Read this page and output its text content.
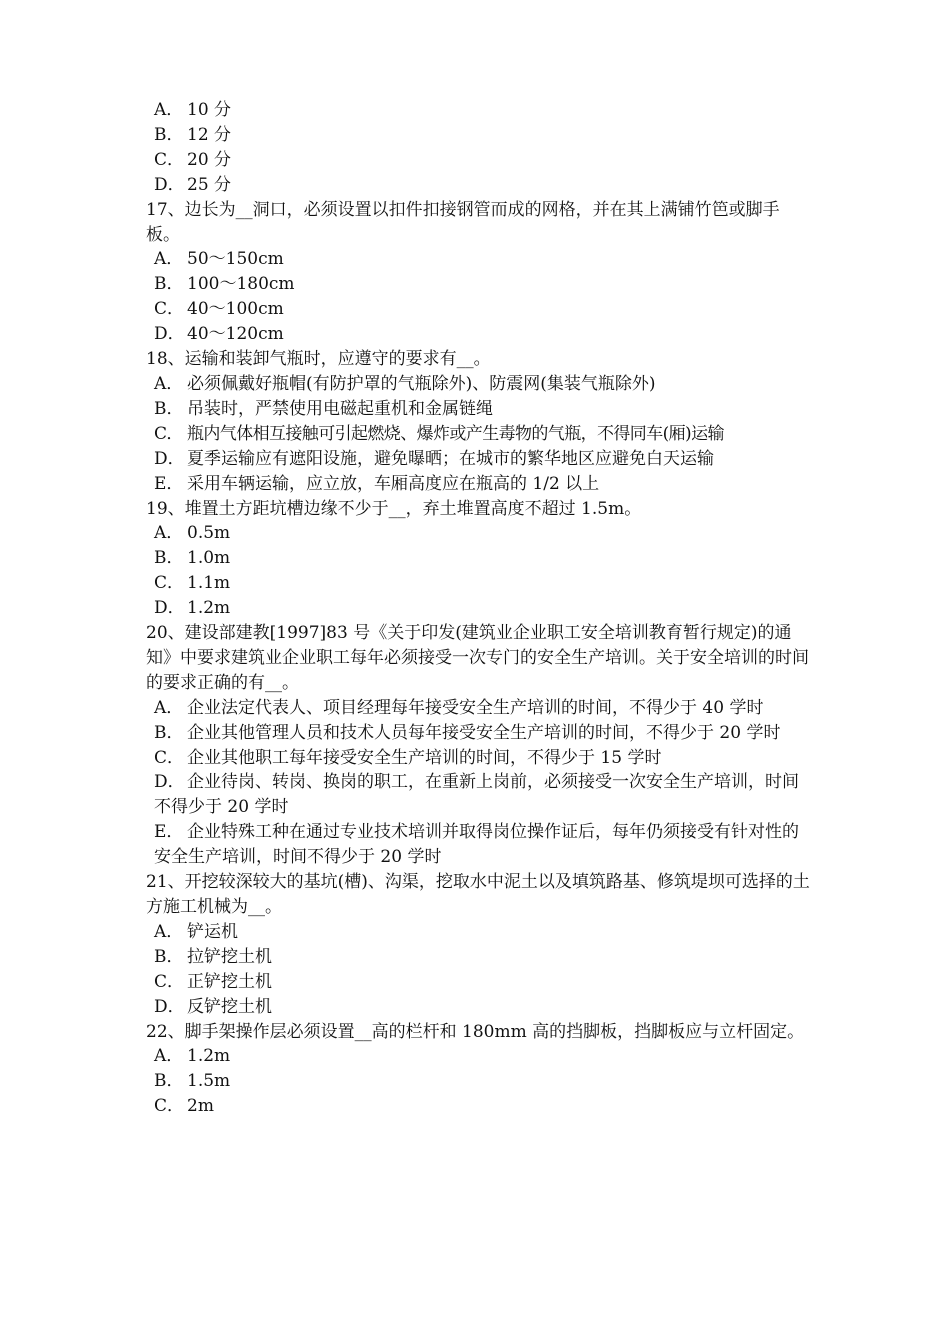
A． 10 分
B． 12 分
C． 20 分
D． 25 分
17、边长为__洞口，必须设置以扣件扣接钢管而成的网格，并在其上满铺竹笆或脚手板。
A． 50～150cm
B． 100～180cm
C． 40～100cm
D． 40～120cm
18、运输和装卸气瓶时，应遵守的要求有__。
A． 必须佩戴好瓶帽(有防护罩的气瓶除外)、防震网(集装气瓶除外)
B． 吊装时，严禁使用电磁起重机和金属链绳
C． 瓶内气体相互接触可引起燃烧、爆炸或产生毒物的气瓶，不得同车(厢)运输
D． 夏季运输应有遮阳设施，避免曝晒；在城市的繁华地区应避免白天运输
E． 采用车辆运输，应立放，车厢高度应在瓶高的 1/2 以上
19、堆置土方距坑槽边缘不少于__，弃土堆置高度不超过 1.5m。
A． 0.5m
B． 1.0m
C． 1.1m
D． 1.2m
20、建设部建教[1997]83 号《关于印发(建筑业企业职工安全培训教育暂行规定)的通知》中要求建筑业企业职工每年必须接受一次专门的安全生产培训。关于安全培训的时间的要求正确的有__。
A． 企业法定代表人、项目经理每年接受安全生产培训的时间，不得少于 40 学时
B． 企业其他管理人员和技术人员每年接受安全生产培训的时间，不得少于 20 学时
C． 企业其他职工每年接受安全生产培训的时间，不得少于 15 学时
D． 企业待岗、转岗、换岗的职工，在重新上岗前，必须接受一次安全生产培训，时间不得少于 20 学时
E． 企业特殊工种在通过专业技术培训并取得岗位操作证后，每年仍须接受有针对性的安全生产培训，时间不得少于 20 学时
21、开挖较深较大的基坑(槽)、沟渠，挖取水中泥土以及填筑路基、修筑堤坝可选择的土方施工机械为__。
A． 铲运机
B． 拉铲挖土机
C． 正铲挖土机
D． 反铲挖土机
22、脚手架操作层必须设置__高的栏杆和 180mm 高的挡脚板，挡脚板应与立杆固定。
A． 1.2m
B． 1.5m
C． 2m
